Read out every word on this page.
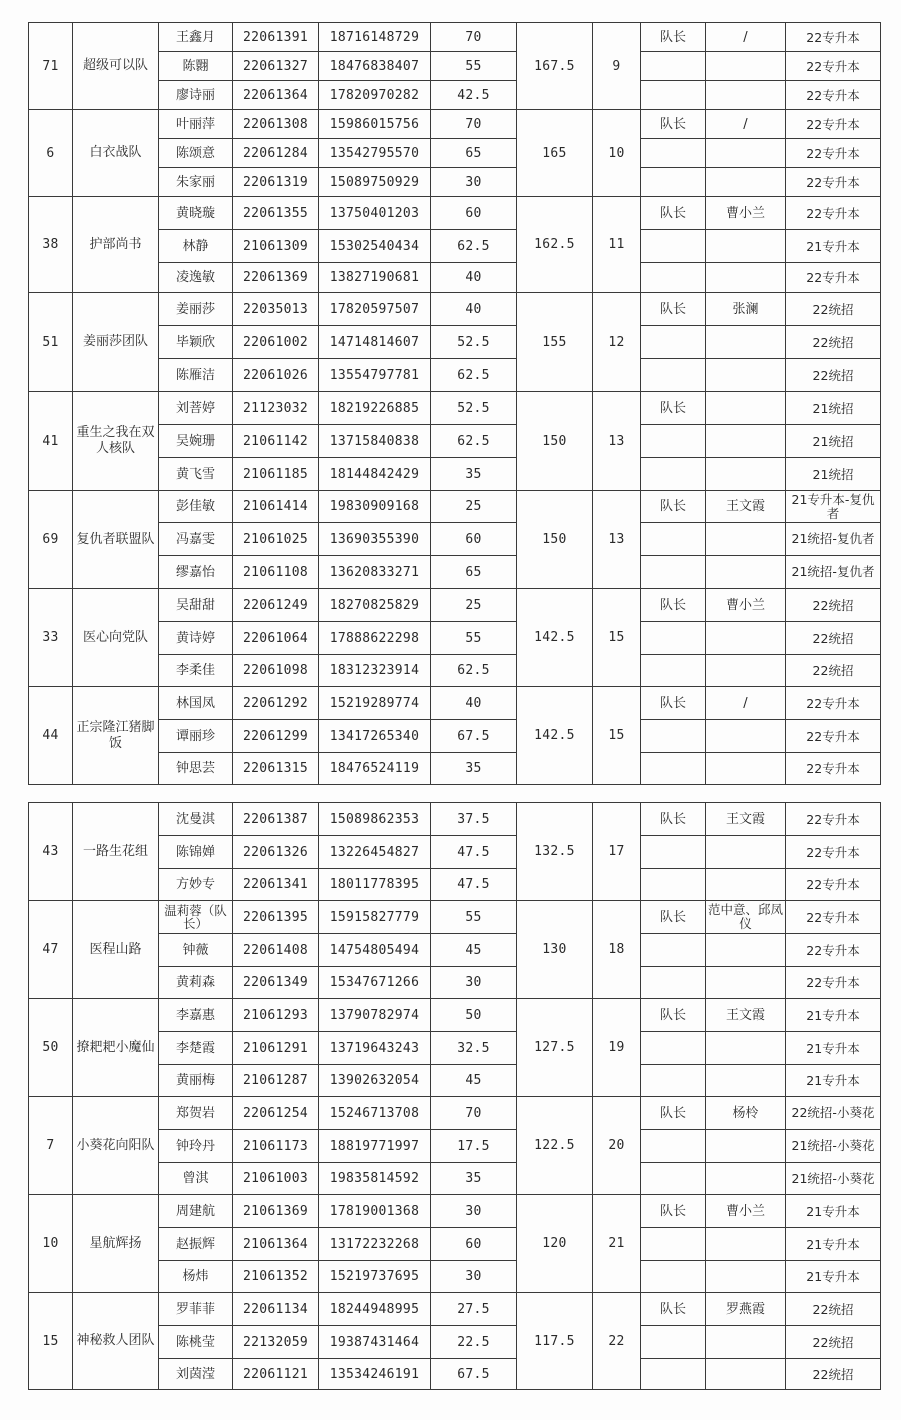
71	超级可以队	王鑫月	22061391	18716148729	70	167.5	9	队长	/	22专升本
		陈翾	22061327	18476838407	55					22专升本
		廖诗丽	22061364	17820970282	42.5					22专升本
6	白衣战队	叶丽萍	22061308	15986015756	70	165	10	队长	/	22专升本
		陈颂意	22061284	13542795570	65					22专升本
		朱家丽	22061319	15089750929	30					22专升本
38	护部尚书	黄晓璇	22061355	13750401203	60	162.5	11	队长	曹小兰	22专升本
		林静	21061309	15302540434	62.5					21专升本
		凌逸敏	22061369	13827190681	40					22专升本
51	姜丽莎团队	姜丽莎	22035013	17820597507	40	155	12	队长	张澜	22统招
		毕颖欣	22061002	14714814607	52.5					22统招
		陈雁洁	22061026	13554797781	62.5					22统招
41	重生之我在双人核队	刘菩婷	21123032	18219226885	52.5	150	13	队长		21统招
		吴婉珊	21061142	13715840838	62.5					21统招
		黄飞雪	21061185	18144842429	35					21统招
69	复仇者联盟队	彭佳敏	21061414	19830909168	25	150	13	队长	王文霞	21专升本-复仇者
		冯嘉雯	21061025	13690355390	60					21统招-复仇者
		缪嘉怡	21061108	13620833271	65					21统招-复仇者
33	医心向党队	吴甜甜	22061249	18270825829	25	142.5	15	队长	曹小兰	22统招
		黄诗婷	22061064	17888622298	55					22统招
		李柔佳	22061098	18312323914	62.5					22统招
44	正宗隆江猪脚饭	林国凤	22061292	15219289774	40	142.5	15	队长	/	22专升本
		谭丽珍	22061299	13417265340	67.5					22专升本
		钟思芸	22061315	18476524119	35					22专升本
43	一路生花组	沈曼淇	22061387	15089862353	37.5	132.5	17	队长	王文霞	22专升本
		陈锦婵	22061326	13226454827	47.5					22专升本
		方妙专	22061341	18011778395	47.5					22专升本
47	医程山路	温莉蓉（队长）	22061395	15915827779	55	130	18	队长	范中意、邱凤仪	22专升本
		钟薇	22061408	14754805494	45					22专升本
		黄莉森	22061349	15347671266	30					22专升本
50	撩耙耙小魔仙	李嘉惠	21061293	13790782974	50	127.5	19	队长	王文霞	21专升本
		李楚霞	21061291	13719643243	32.5					21专升本
		黄丽梅	21061287	13902632054	45					21专升本
7	小葵花向阳队	郑贺岩	22061254	15246713708	70	122.5	20	队长	杨柃	22统招-小葵花
		钟玲丹	21061173	18819771997	17.5					21统招-小葵花
		曾淇	21061003	19835814592	35					21统招-小葵花
10	星航辉扬	周建航	21061369	17819001368	30	120	21	队长	曹小兰	21专升本
		赵振辉	21061364	13172232268	60					21专升本
		杨炜	21061352	15219737695	30					21专升本
15	神秘救人团队	罗菲菲	22061134	18244948995	27.5	117.5	22	队长	罗燕霞	22统招
		陈桃莹	22132059	19387431464	22.5					22统招
		刘茵滢	22061121	13534246191	67.5					22统招
